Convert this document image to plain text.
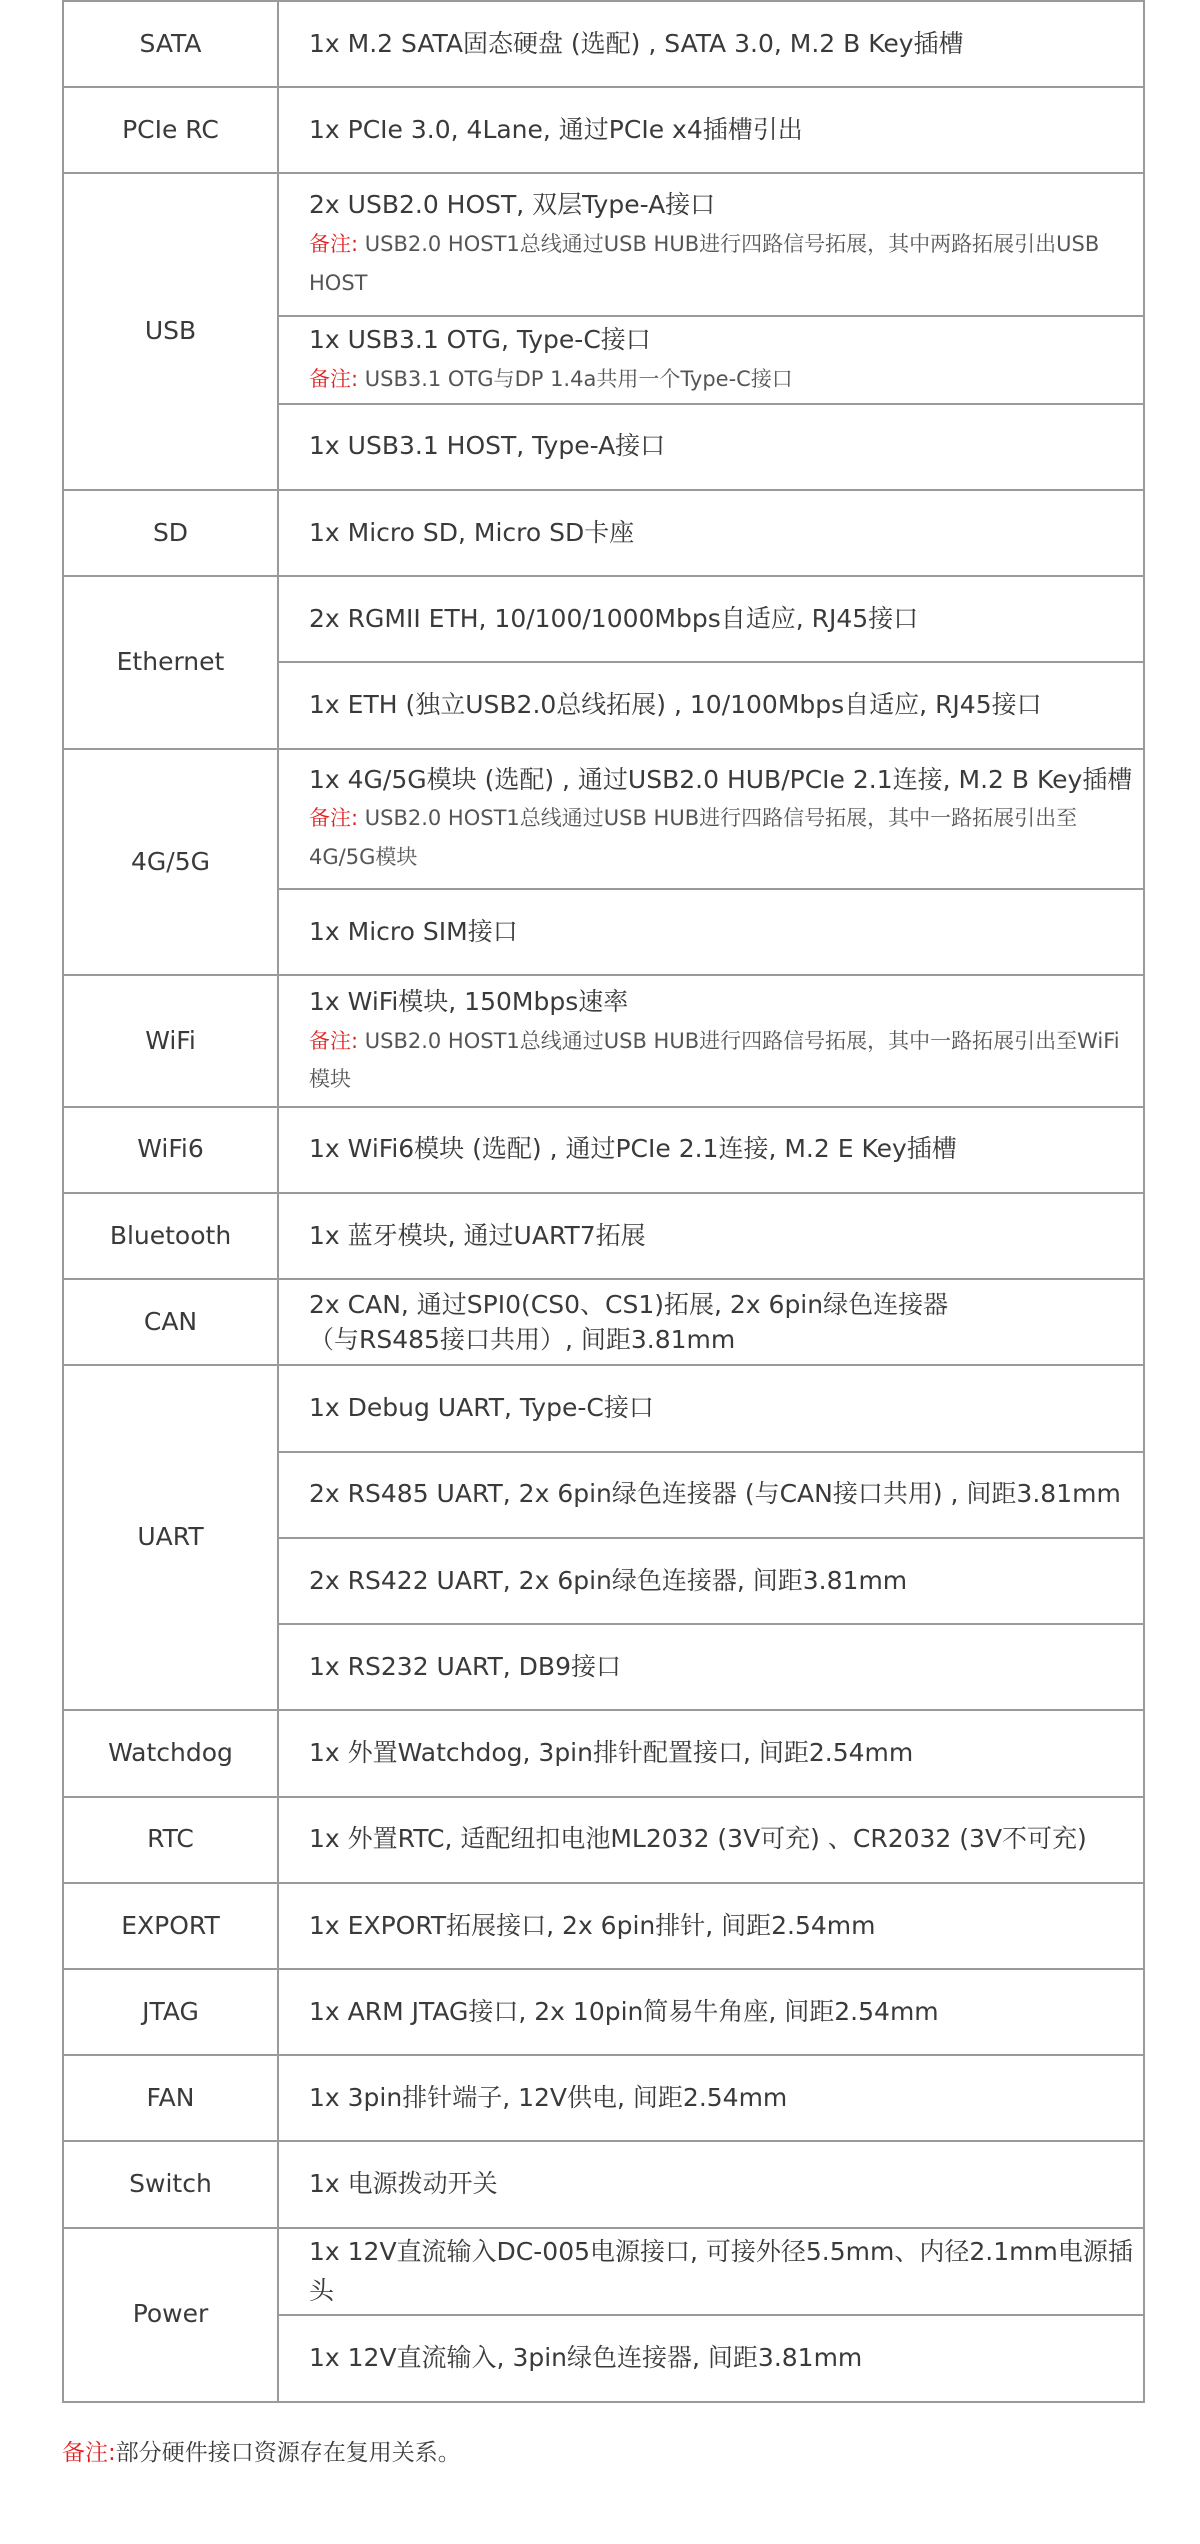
SATA	1x M.2 SATA固态硬盘 (选配) , SATA 3.0, M.2 B Key插槽
PCIe RC	1x PCIe 3.0, 4Lane, 通过PCIe x4插槽引出
USB	2x USB2.0 HOST, 双层Type-A接口
备注: USB2.0 HOST1总线通过USB HUB进行四路信号拓展，其中两路拓展引出USB HOST

	1x USB3.1 OTG, Type-C接口
备注: USB3.1 OTG与DP 1.4a共用一个Type-C接口

	1x USB3.1 HOST, Type-A接口
SD	1x Micro SD, Micro SD卡座
Ethernet	2x RGMII ETH, 10/100/1000Mbps自适应, RJ45接口
	1x ETH (独立USB2.0总线拓展) , 10/100Mbps自适应, RJ45接口
4G/5G	1x 4G/5G模块 (选配) , 通过USB2.0 HUB/PCIe 2.1连接, M.2 B Key插槽
备注: USB2.0 HOST1总线通过USB HUB进行四路信号拓展，其中一路拓展引出至4G/5G模块

	1x Micro SIM接口
WiFi	1x WiFi模块, 150Mbps速率
备注: USB2.0 HOST1总线通过USB HUB进行四路信号拓展，其中一路拓展引出至WiFi模块

WiFi6	1x WiFi6模块 (选配) , 通过PCIe 2.1连接, M.2 E Key插槽
Bluetooth	1x 蓝牙模块, 通过UART7拓展
CAN	2x CAN, 通过SPI0(CS0、CS1)拓展, 2x 6pin绿色连接器
（与RS485接口共用）, 间距3.81mm
UART	1x Debug UART, Type-C接口
	2x RS485 UART, 2x 6pin绿色连接器 (与CAN接口共用) , 间距3.81mm
	2x RS422 UART, 2x 6pin绿色连接器, 间距3.81mm
	1x RS232 UART, DB9接口
Watchdog	1x 外置Watchdog, 3pin排针配置接口, 间距2.54mm
RTC	1x 外置RTC, 适配纽扣电池ML2032 (3V可充) 、CR2032 (3V不可充)
EXPORT	1x EXPORT拓展接口, 2x 6pin排针, 间距2.54mm
JTAG	1x ARM JTAG接口, 2x 10pin简易牛角座, 间距2.54mm
FAN	1x 3pin排针端子, 12V供电, 间距2.54mm
Switch	1x 电源拨动开关
Power	1x 12V直流输入DC-005电源接口, 可接外径5.5mm、内径2.1mm电源插头
	1x 12V直流输入, 3pin绿色连接器, 间距3.81mm
备注:部分硬件接口资源存在复用关系。
